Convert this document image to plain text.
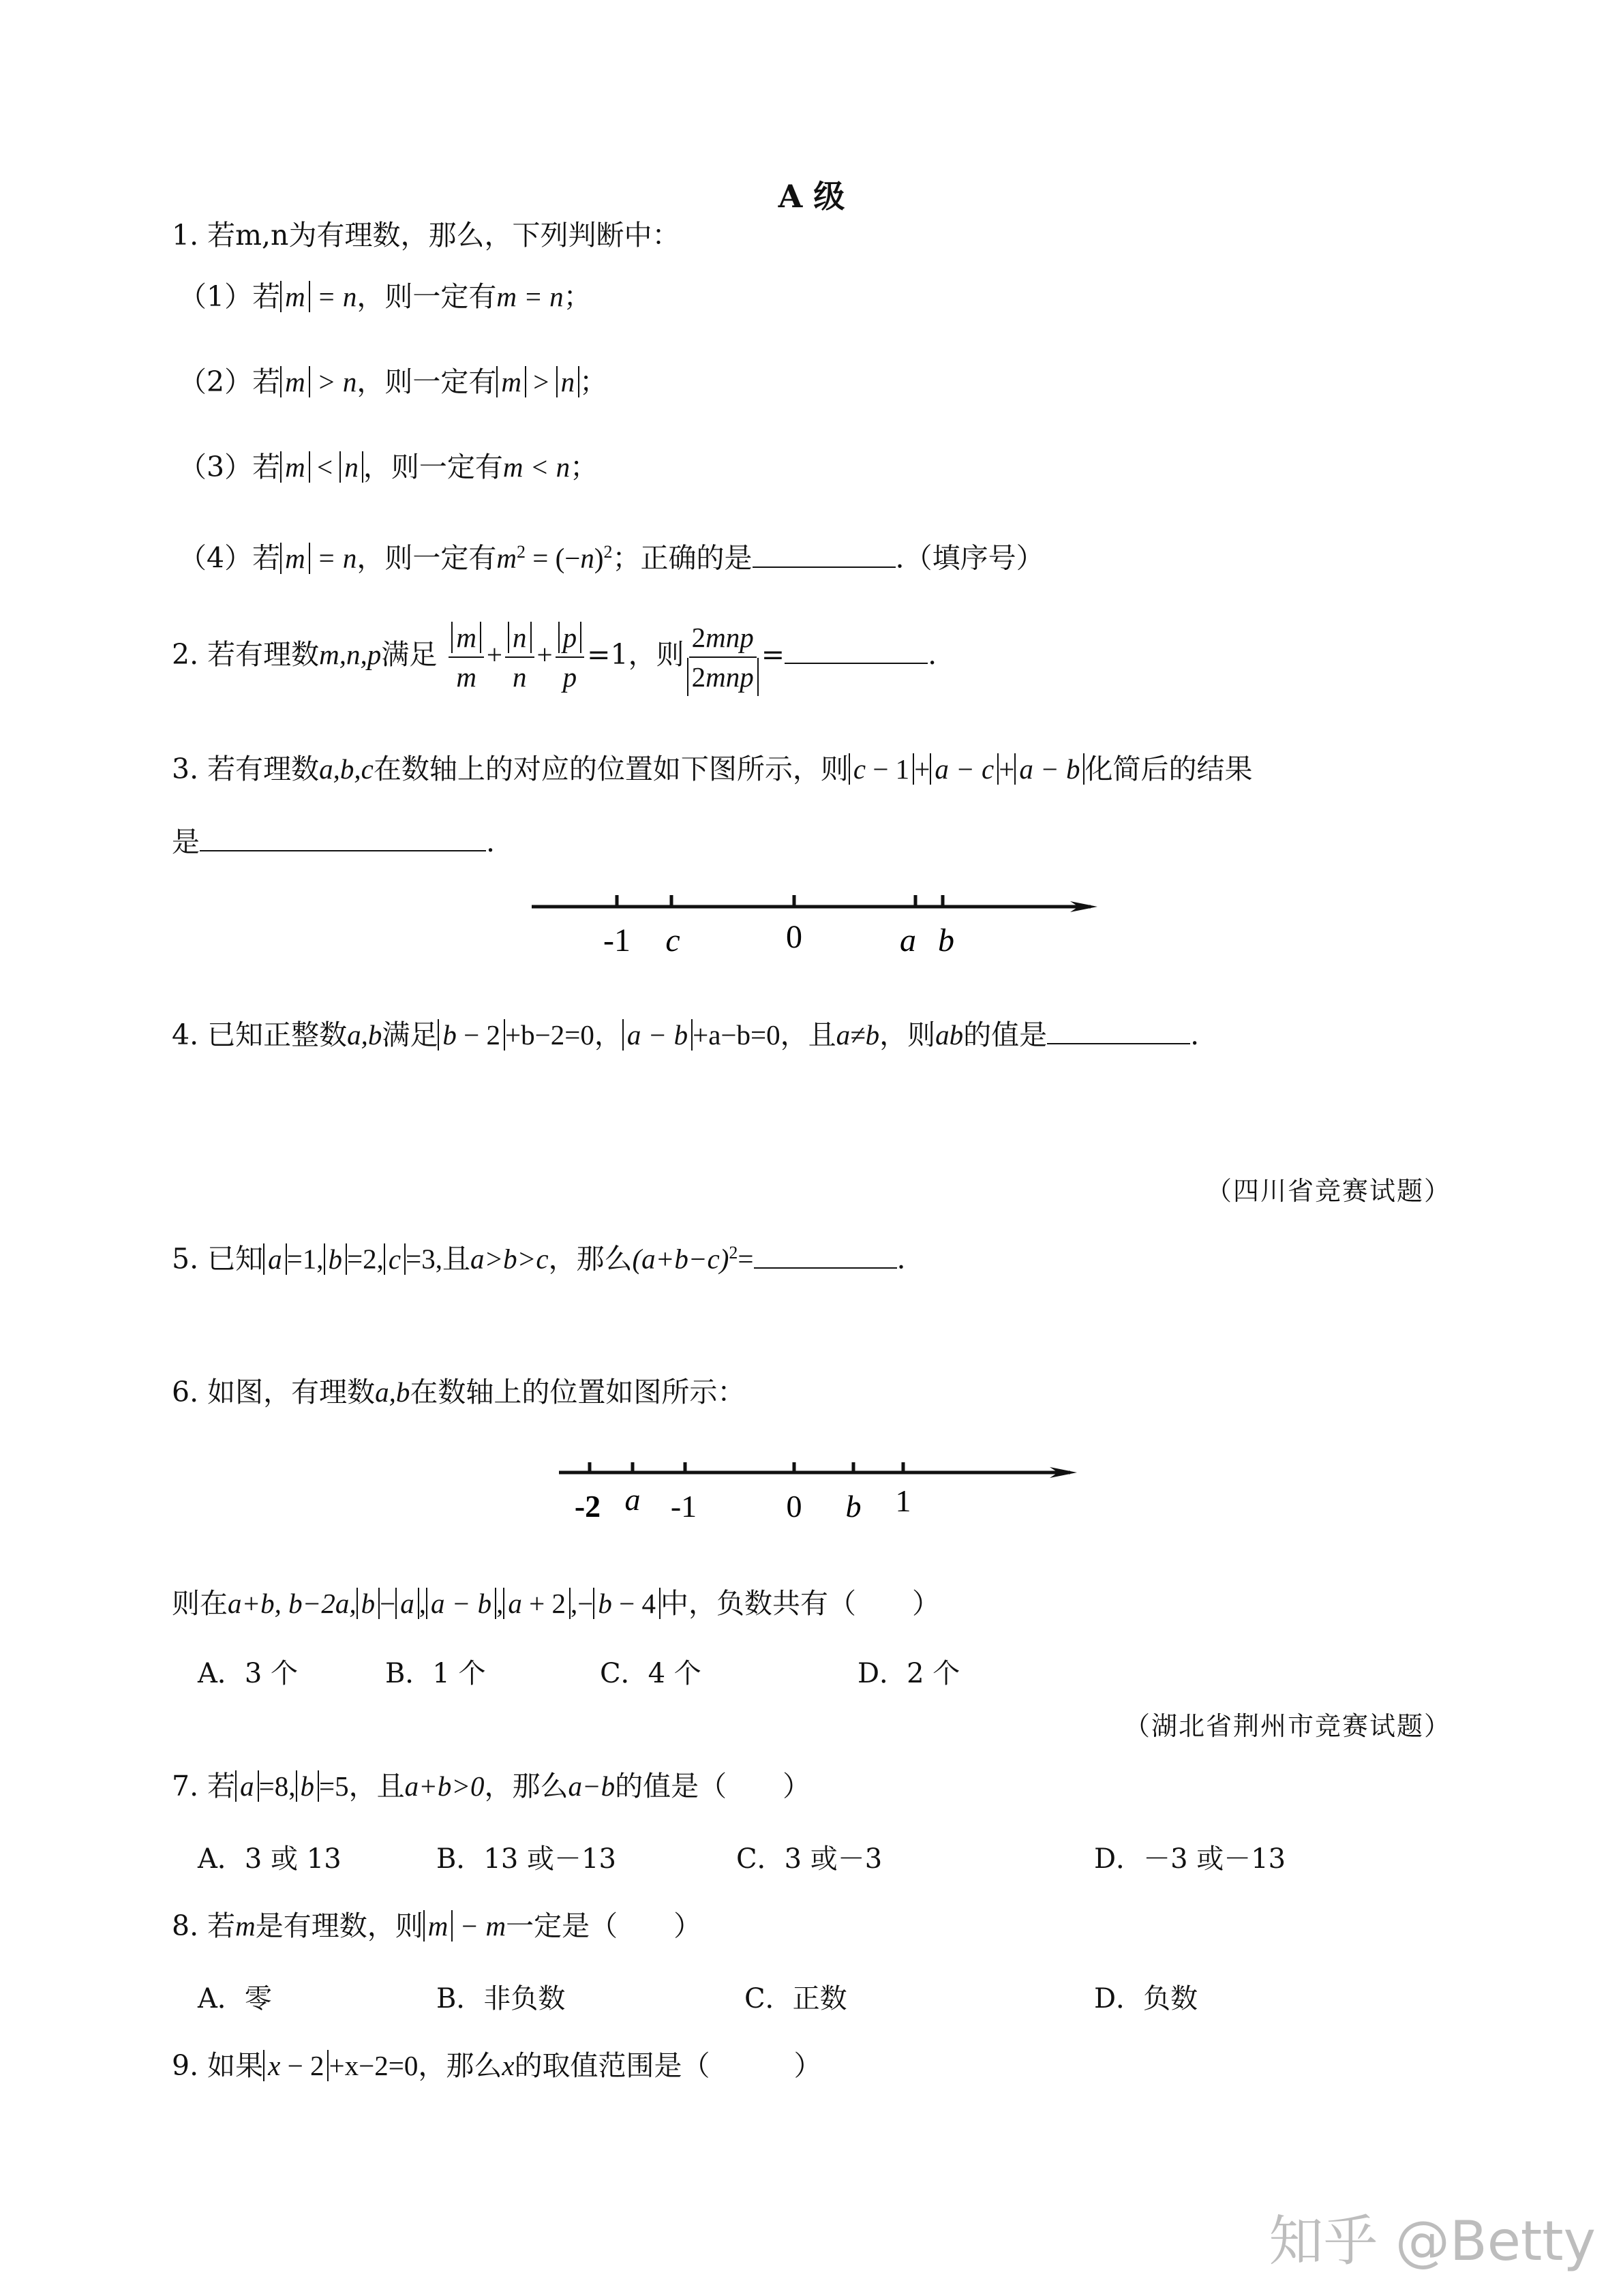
A 级
1. 若m,n为有理数，那么，下列判断中：
（1）若 m = n，则一定有m = n；
（2）若 m > n，则一定有 m > n ；
（3）若 m < n ，则一定有m < n；
（4）若 m = n，则一定有$m^2 = (-n)^2$；正确的是	.（填序号）
2. 若有理数m,n,p满足 $\frac{m}{m} + \frac{n}{n} + \frac{p}{p} =1$，则 $\frac{\text{2mnp}}{\text{2mnp}}$ =	.
3. 若有理数a,b,c在数轴上的对应的位置如下图所示，则 c − 1 + a − c + a − b 化简后的结果
是	.
-1 c	0	a b
4. 已知正整数a,b满足 b − 2 +b−2=0， a − b +a−b=0，且a≠b，则ab的值是	.
（四川省竞赛试题）
5. 已知 a =1, b =2, c =3,且a>b>c，那么$(a+b-c)^2=$	.
6. 如图，有理数a,b在数轴上的位置如图所示：
-2 a -1	0 b 1
则在a+b, b−2a, b − a , a − b , a + 2 ,− b − 4 中，负数共有（　　）
A．3 个	B．1 个	C．4 个	D．2 个
（湖北省荆州市竞赛试题）
7. 若 a =8, b =5，且a+b>0，那么a−b的值是（　　）
A．3 或 13	B．13 或－13	C．3 或－3	D．－3 或－13
8. 若m是有理数，则 m − m一定是（　　）
A．零	B．非负数	C．正数	D．负数
9. 如果 x − 2 +x−2=0，那么x的取值范围是（　　　）
知乎 @Betty
